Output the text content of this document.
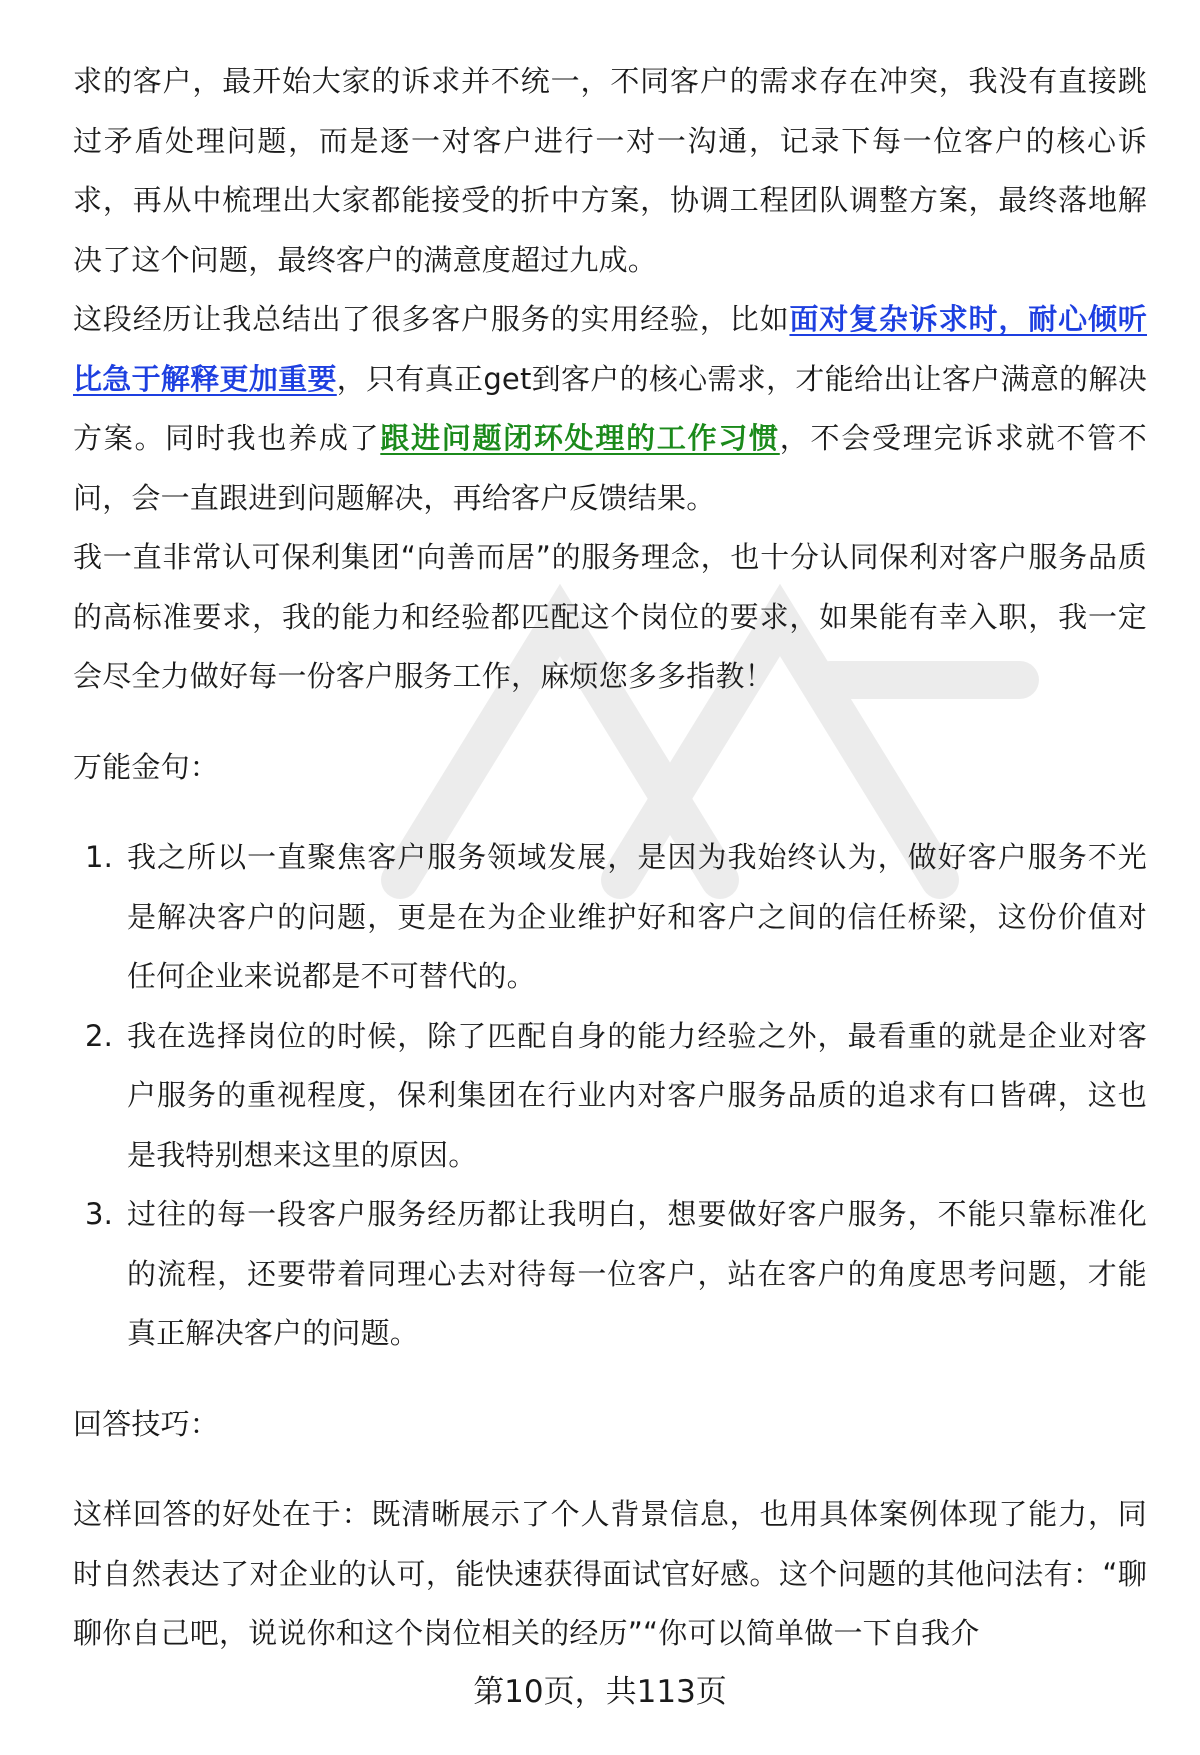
求的客户，最开始大家的诉求并不统一，不同客户的需求存在冲突，我没有直接跳过矛盾处理问题，而是逐一对客户进行一对一沟通，记录下每一位客户的核心诉求，再从中梳理出大家都能接受的折中方案，协调工程团队调整方案，最终落地解决了这个问题，最终客户的满意度超过九成。

这段经历让我总结出了很多客户服务的实用经验，比如面对复杂诉求时，耐心倾听比急于解释更加重要，只有真正get到客户的核心需求，才能给出让客户满意的解决方案。同时我也养成了跟进问题闭环处理的工作习惯，不会受理完诉求就不管不问，会一直跟进到问题解决，再给客户反馈结果。

我一直非常认可保利集团“向善而居”的服务理念，也十分认同保利对客户服务品质的高标准要求，我的能力和经验都匹配这个岗位的要求，如果能有幸入职，我一定会尽全力做好每一份客户服务工作，麻烦您多多指教！

万能金句：

1. 我之所以一直聚焦客户服务领域发展，是因为我始终认为，做好客户服务不光是解决客户的问题，更是在为企业维护好和客户之间的信任桥梁，这份价值对任何企业来说都是不可替代的。
2. 我在选择岗位的时候，除了匹配自身的能力经验之外，最看重的就是企业对客户服务的重视程度，保利集团在行业内对客户服务品质的追求有口皆碑，这也是我特别想来这里的原因。
3. 过往的每一段客户服务经历都让我明白，想要做好客户服务，不能只靠标准化的流程，还要带着同理心去对待每一位客户，站在客户的角度思考问题，才能真正解决客户的问题。

回答技巧：

这样回答的好处在于：既清晰展示了个人背景信息，也用具体案例体现了能力，同时自然表达了对企业的认可，能快速获得面试官好感。这个问题的其他问法有：“聊聊你自己吧，说说你和这个岗位相关的经历”“你可以简单做一下自我介

第10页，共113页
